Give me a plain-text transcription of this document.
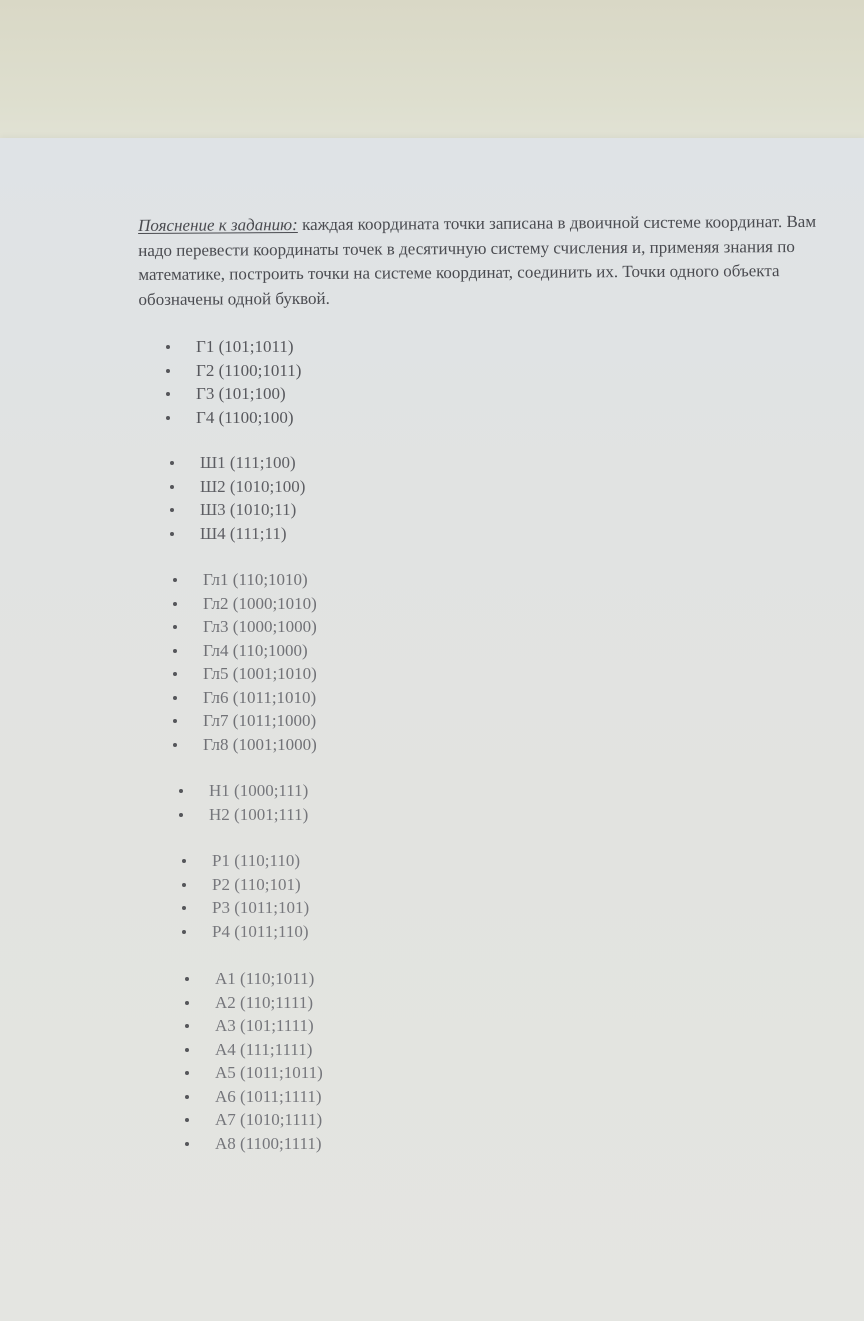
Пояснение к заданию: каждая координата точки записана в двоичной системе координат. Вам надо перевести координаты точек в десятичную систему счисления и, применяя знания по математике, построить точки на системе координат, соединить их. Точки одного объекта обозначены одной буквой.

Г1 (101;1011)
Г2 (1100;1011)
Г3 (101;100)
Г4 (1100;100)
Ш1 (111;100)
Ш2 (1010;100)
Ш3 (1010;11)
Ш4 (111;11)
Гл1 (110;1010)
Гл2 (1000;1010)
Гл3 (1000;1000)
Гл4 (110;1000)
Гл5 (1001;1010)
Гл6 (1011;1010)
Гл7 (1011;1000)
Гл8 (1001;1000)
Н1 (1000;111)
Н2 (1001;111)
Р1 (110;110)
Р2 (110;101)
Р3 (1011;101)
Р4 (1011;110)
А1 (110;1011)
А2 (110;1111)
А3 (101;1111)
А4 (111;1111)
А5 (1011;1011)
А6 (1011;1111)
А7 (1010;1111)
А8 (1100;1111)
